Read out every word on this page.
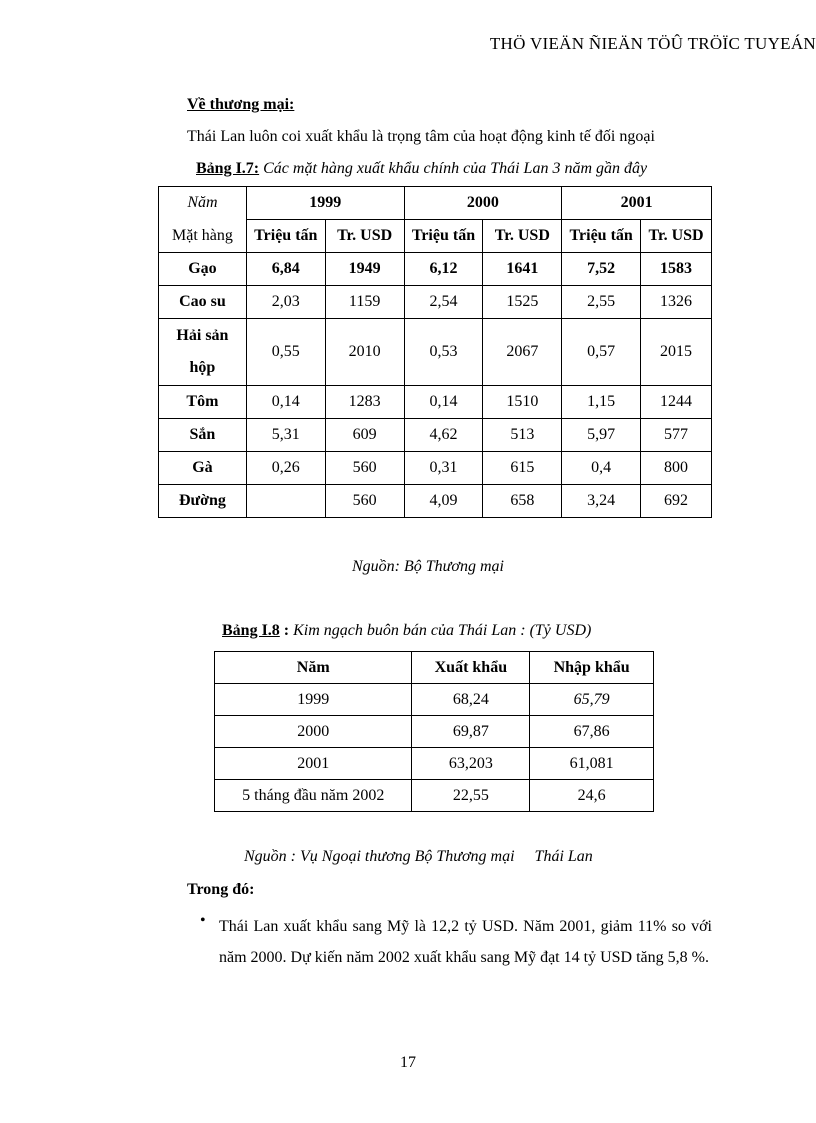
THÖ VIEÄN ÑIEÄN TÖÛ TRÖÏC TUYEÁN
Về thương mại:
Thái Lan luôn coi xuất khẩu là trọng tâm của hoạt động kinh tế đối ngoại
Bảng I.7: Các mặt hàng xuất khẩu chính của Thái Lan 3 năm gần đây
Năm	1999		2000		2001	
Mặt hàng	Triệu tấn	Tr. USD	Triệu tấn	Tr. USD	Triệu tấn	Tr. USD
Gạo	6,84	1949	6,12	1641	7,52	1583
Cao su	2,03	1159	2,54	1525	2,55	1326
Hải sản
hộp	0,55	2010	0,53	2067	0,57	2015
Tôm	0,14	1283	0,14	1510	1,15	1244
Sắn	5,31	609	4,62	513	5,97	577
Gà	0,26	560	0,31	615	0,4	800
Đường		560	4,09	658	3,24	692
Nguồn: Bộ Thương mại
Bảng I.8 : Kim ngạch buôn bán của Thái Lan : (Tỷ USD)
Năm	Xuất khẩu	Nhập khẩu
1999	68,24	65,79
2000	69,87	67,86
2001	63,203	61,081
5 tháng đầu năm 2002	22,55	24,6
Nguồn : Vụ Ngoại thương Bộ Thương mại Thái Lan
Trong đó:
• Thái Lan xuất khẩu sang Mỹ là 12,2 tỷ USD. Năm 2001, giảm 11% so với năm 2000. Dự kiến năm 2002 xuất khẩu sang Mỹ đạt 14 tỷ USD tăng 5,8 %.
17
